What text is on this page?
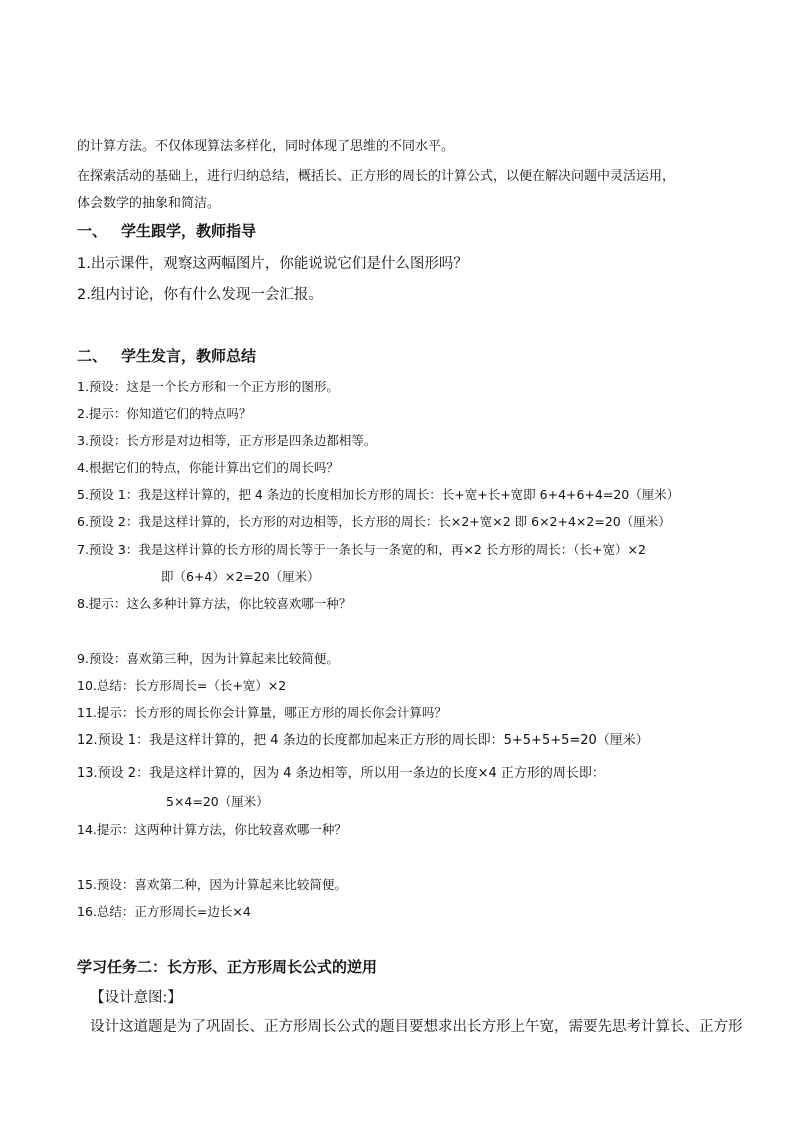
的计算方法。不仅体现算法多样化，同时体现了思维的不同水平。
在探索活动的基础上，进行归纳总结，概括长、正方形的周长的计算公式，以便在解决问题中灵活运用，
体会数学的抽象和简洁。
一、 学生跟学，教师指导
1.出示课件，观察这两幅图片，你能说说它们是什么图形吗？
2.组内讨论，你有什么发现一会汇报。
二、 学生发言，教师总结
1.预设：这是一个长方形和一个正方形的图形。
2.提示：你知道它们的特点吗？
3.预设：长方形是对边相等，正方形是四条边都相等。
4.根据它们的特点，你能计算出它们的周长吗？
5.预设 1：我是这样计算的，把 4 条边的长度相加长方形的周长：长+宽+长+宽即 6+4+6+4=20（厘米）
6.预设 2：我是这样计算的，长方形的对边相等，长方形的周长：长×2+宽×2 即 6×2+4×2=20（厘米）
7.预设 3：我是这样计算的长方形的周长等于一条长与一条宽的和，再×2 长方形的周长：（长+宽）×2
即（6+4）×2=20（厘米）
8.提示：这么多种计算方法，你比较喜欢哪一种？
9.预设：喜欢第三种，因为计算起来比较简便。
10.总结：长方形周长=（长+宽）×2
11.提示：长方形的周长你会计算量，哪正方形的周长你会计算吗？
12.预设 1：我是这样计算的，把 4 条边的长度都加起来正方形的周长即：5+5+5+5=20（厘米）
13.预设 2：我是这样计算的，因为 4 条边相等，所以用一条边的长度×4 正方形的周长即：
5×4=20（厘米）
14.提示：这两种计算方法，你比较喜欢哪一种？
15.预设：喜欢第二种，因为计算起来比较简便。
16.总结：正方形周长=边长×4
学习任务二：长方形、正方形周长公式的逆用
【设计意图:】
设计这道题是为了巩固长、正方形周长公式的题目要想求出长方形上午宽，需要先思考计算长、正方形
